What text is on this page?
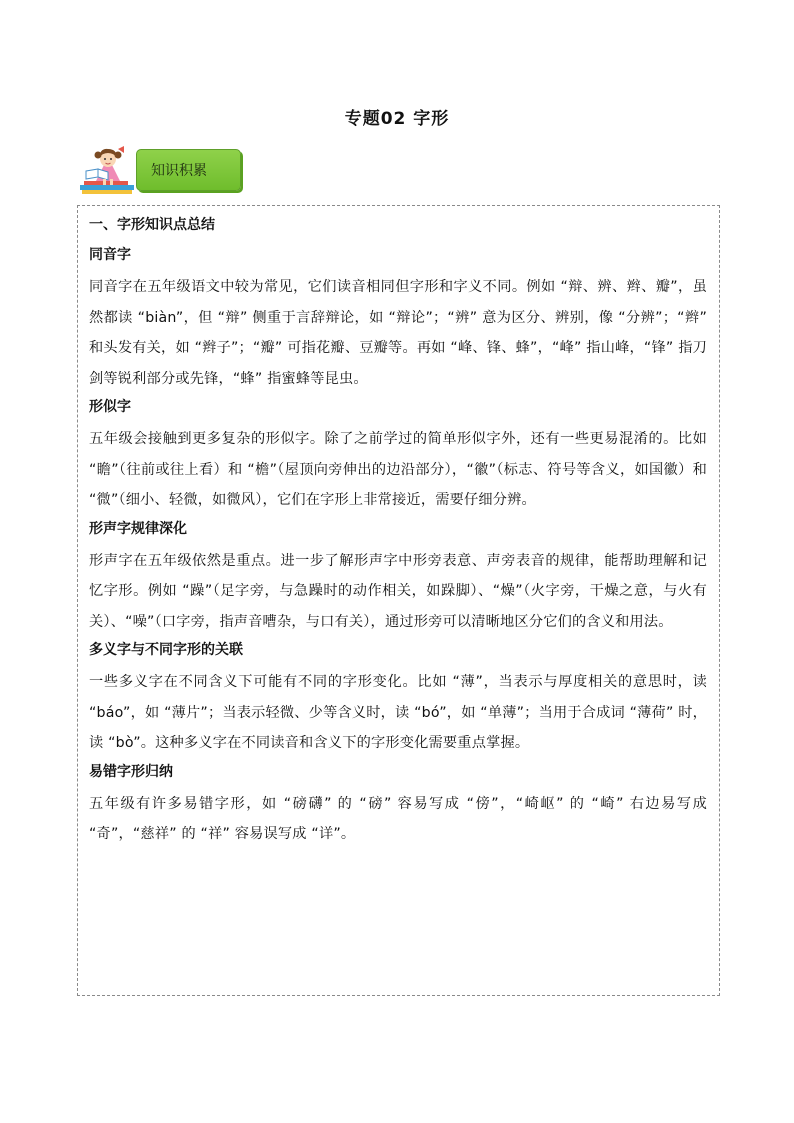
专题02 字形
知识积累

一、字形知识点总结

同音字

同音字在五年级语文中较为常见，它们读音相同但字形和字义不同。例如 “辩、辨、辫、瓣”，虽然都读 “biàn”，但 “辩” 侧重于言辞辩论，如 “辩论”；“辨” 意为区分、辨别，像 “分辨”；“辫” 和头发有关，如 “辫子”；“瓣” 可指花瓣、豆瓣等。再如 “峰、锋、蜂”，“峰” 指山峰，“锋” 指刀剑等锐利部分或先锋，“蜂” 指蜜蜂等昆虫。

形似字

五年级会接触到更多复杂的形似字。除了之前学过的简单形似字外，还有一些更易混淆的。比如 “瞻”（往前或往上看）和 “檐”（屋顶向旁伸出的边沿部分），“徽”（标志、符号等含义，如国徽）和 “微”（细小、轻微，如微风），它们在字形上非常接近，需要仔细分辨。

形声字规律深化

形声字在五年级依然是重点。进一步了解形声字中形旁表意、声旁表音的规律，能帮助理解和记忆字形。例如 “躁”（足字旁，与急躁时的动作相关，如跺脚）、“燥”（火字旁，干燥之意，与火有关）、“噪”（口字旁，指声音嘈杂，与口有关），通过形旁可以清晰地区分它们的含义和用法。

多义字与不同字形的关联

一些多义字在不同含义下可能有不同的字形变化。比如 “薄”，当表示与厚度相关的意思时，读 “báo”，如 “薄片”；当表示轻微、少等含义时，读 “bó”，如 “单薄”；当用于合成词 “薄荷” 时，读 “bò”。这种多义字在不同读音和含义下的字形变化需要重点掌握。

易错字形归纳

五年级有许多易错字形，如 “磅礴” 的 “磅” 容易写成 “傍”，“崎岖” 的 “崎” 右边易写成 “奇”，“慈祥” 的 “祥” 容易误写成 “详”。
